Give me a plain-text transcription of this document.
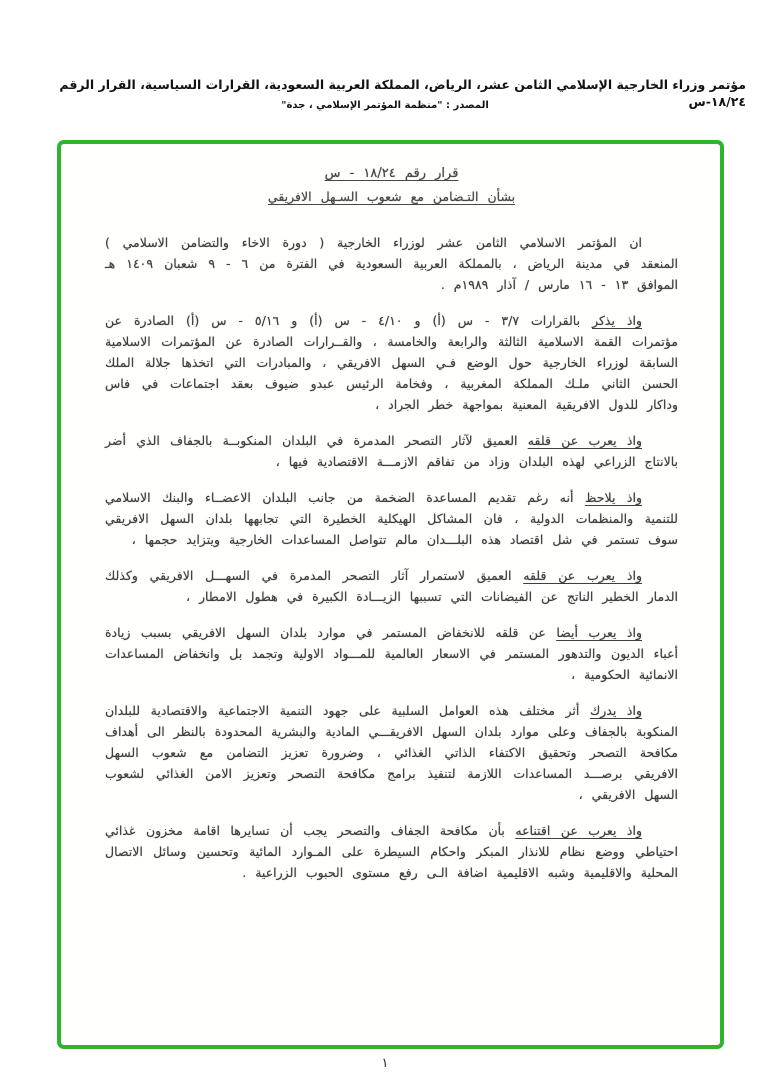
مؤتمر وزراء الخارجية الإسلامي الثامن عشر، الرياض، المملكة العربية السعودية، القرارات السياسية، القرار الرقم ١٨/٢٤-س
المصدر : "منظمة المؤتمر الإسلامي ، جدة"

قرار رقم ١٨/٢٤ - س

بشأن التـضامن مع شعوب السـهل الافريقي

ان المؤتمر الاسلامي الثامن عشر لوزراء الخارجية ( دورة الاخاء والتضامن الاسلامي ) المنعقد في مدينة الرياض ، بالمملكة العربية السعودية في الفترة من ٦ - ٩ شعبان ١٤٠٩ هـ الموافق ١٣ - ١٦ مارس / آذار ١٩٨٩م .

واذ يذكر بالقرارات ٣/٧ - س (أ) و ٤/١٠ - س (أ) و ٥/١٦ - س (أ) الصادرة عن مؤتمرات القمة الاسلامية الثالثة والرابعة والخامسة ، والقــرارات الصادرة عن المؤتمرات الاسلامية السابقة لوزراء الخارجية حول الوضع فـي السهل الافريقي ، والمبادرات التي اتخذها جلالة الملك الحسن الثاني ملـك المملكة المغربية ، وفخامة الرئيس عبدو ضيوف بعقد اجتماعات في فاس وداكار للدول الافريقية المعنية بمواجهة خطر الجراد ،

واذ يعرب عن قلقه العميق لآثار التصحر المدمرة في البلدان المنكوبــة بالجفاف الذي أضر بالانتاج الزراعي لهذه البلدان وزاد من تفاقم الازمـــة الاقتصادية فيها ،

واذ يلاحظ أنه رغم تقديم المساعدة الضخمة من جانب البلدان الاعضــاء والبنك الاسلامي للتنمية والمنظمات الدولية ، فان المشاكل الهيكلية الخطيرة التي تجابهها بلدان السهل الافريقي سوف تستمر في شل اقتصاد هذه البلـــدان مالم تتواصل المساعدات الخارجية ويتزايد حجمها ،

واذ يعرب عن قلقه العميق لاستمرار آثار التصحر المدمرة في السهـــل الافريقي وكذلك الدمار الخطير الناتج عن الفيضانات التي تسببها الزيـــادة الكبيرة في هطول الامطار ،

واذ يعرب أيضا عن قلقه للانخفاض المستمر في موارد بلدان السهل الافريقي بسبب زيادة أعباء الديون والتدهور المستمر في الاسعار العالمية للمـــواد الاولية وتجمد بل وانخفاض المساعدات الانمائية الحكومية ،

واذ يدرك أثر مختلف هذه العوامل السلبية على جهود التنمية الاجتماعية والاقتصادية للبلدان المنكوبة بالجفاف وعلى موارد بلدان السهل الافريقـــي المادية والبشرية المحدودة بالنظر الى أهداف مكافحة التصحر وتحقيق الاكتفاء الذاتي الغذائي ، وضرورة تعزيز التضامن مع شعوب السهل الافريقي برصـــد المساعدات اللازمة لتنفيذ برامج مكافحة التصحر وتعزيز الامن الغذائي لشعوب السهل الافريقي ،

واذ يعرب عن اقتناعه بأن مكافحة الجفاف والتصحر يجب أن تسايرها اقامة مخزون غذائي احتياطي ووضع نظام للانذار المبكر واحكام السيطرة على المـوارد المائية وتحسين وسائل الاتصال المحلية والاقليمية وشبه الاقليمية اضافة الـى رفع مستوى الحبوب الزراعية .

١
